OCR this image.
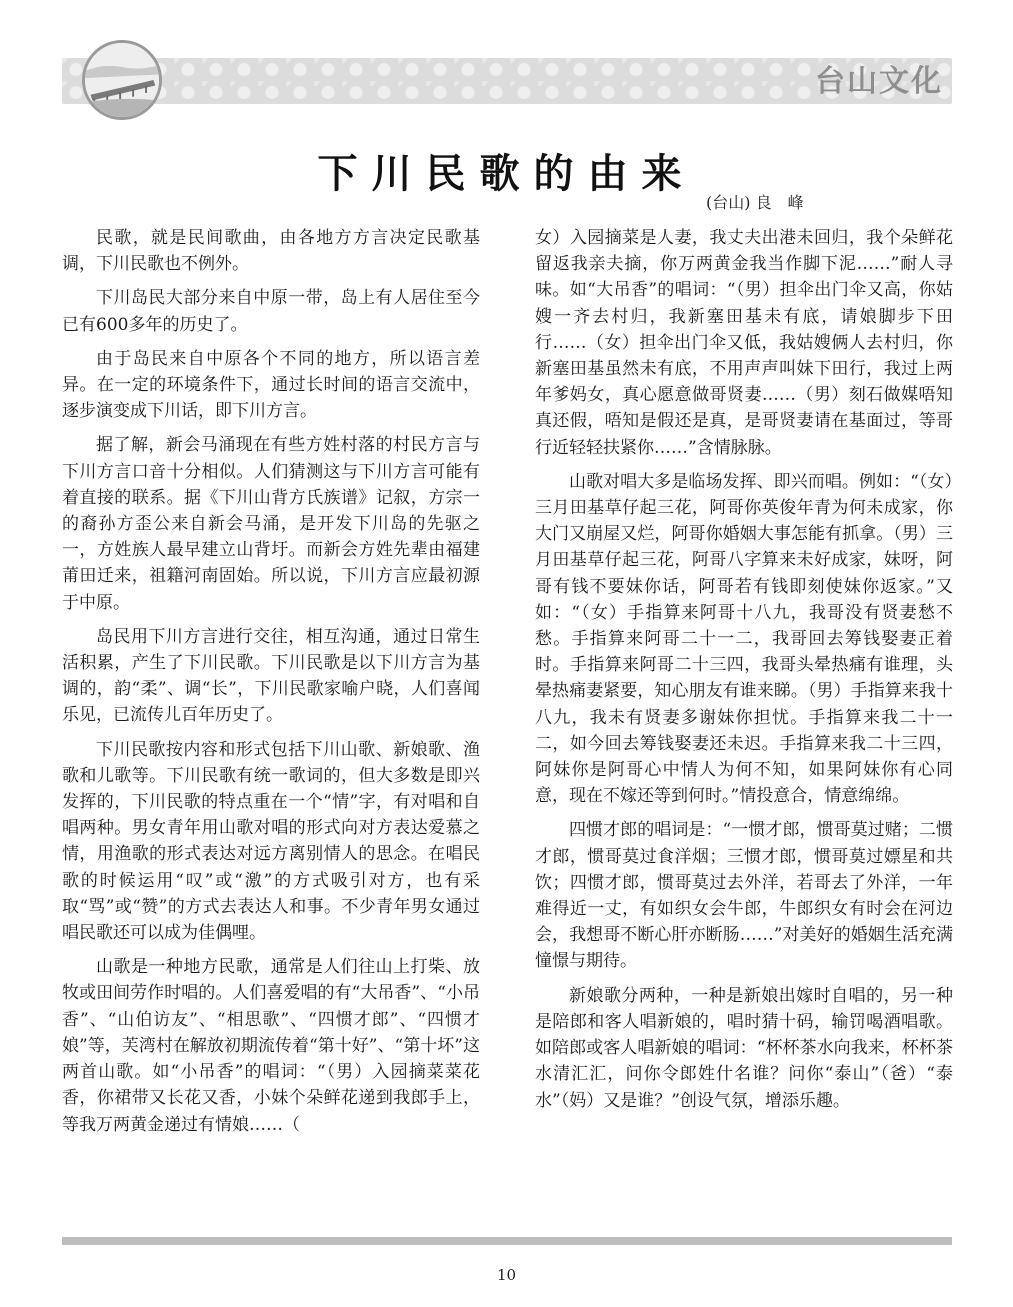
台山文化
下川民歌的由来
(台山) 良　峰

民歌，就是民间歌曲，由各地方方言决定民歌基调，下川民歌也不例外。

下川岛民大部分来自中原一带，岛上有人居住至今已有600多年的历史了。

由于岛民来自中原各个不同的地方，所以语言差异。在一定的环境条件下，通过长时间的语言交流中，逐步演变成下川话，即下川方言。

据了解，新会马涌现在有些方姓村落的村民方言与下川方言口音十分相似。人们猜测这与下川方言可能有着直接的联系。据《下川山背方氏族谱》记叙，方宗一的裔孙方歪公来自新会马涌，是开发下川岛的先驱之一，方姓族人最早建立山背圩。而新会方姓先辈由福建莆田迁来，祖籍河南固始。所以说，下川方言应最初源于中原。

岛民用下川方言进行交往，相互沟通，通过日常生活积累，产生了下川民歌。下川民歌是以下川方言为基调的，韵“柔”、调“长”，下川民歌家喻户晓，人们喜闻乐见，已流传儿百年历史了。

下川民歌按内容和形式包括下川山歌、新娘歌、渔歌和儿歌等。下川民歌有统一歌词的，但大多数是即兴发挥的，下川民歌的特点重在一个“情”字，有对唱和自唱两种。男女青年用山歌对唱的形式向对方表达爱慕之情，用渔歌的形式表达对远方离别情人的思念。在唱民歌的时候运用“叹”或“激”的方式吸引对方，也有采取“骂”或“赞”的方式去表达人和事。不少青年男女通过唱民歌还可以成为佳偶哩。

山歌是一种地方民歌，通常是人们往山上打柴、放牧或田间劳作时唱的。人们喜爱唱的有“大吊香”、“小吊香”、“山伯访友”、“相思歌”、“四惯才郎”、“四惯才娘”等，芙湾村在解放初期流传着“第十好”、“第十坏”这两首山歌。如“小吊香”的唱词：“（男）入园摘菜菜花香，你裙带又长花又香，小妹个朵鲜花递到我郎手上，等我万两黄金递过有情娘……（

女）入园摘菜是人妻，我丈夫出港未回归，我个朵鲜花留返我亲夫摘，你万两黄金我当作脚下泥……”耐人寻味。如“大吊香”的唱词：“（男）担伞出门伞又高，你姑嫂一齐去村归，我新塞田基未有底，请娘脚步下田行……（女）担伞出门伞又低，我姑嫂俩人去村归，你新塞田基虽然未有底，不用声声叫妹下田行，我过上两年爹妈女，真心愿意做哥贤妻……（男）刻石做媒唔知真还假，唔知是假还是真，是哥贤妻请在基面过，等哥行近轻轻扶紧你……”含情脉脉。

山歌对唱大多是临场发挥、即兴而唱。例如：“（女）三月田基草仔起三花，阿哥你英俊年青为何未成家，你大门又崩屋又烂，阿哥你婚姻大事怎能有抓拿。（男）三月田基草仔起三花，阿哥八字算来未好成家，妹呀，阿哥有钱不要妹你话，阿哥若有钱即刻使妹你返家。”又如：“（女）手指算来阿哥十八九，我哥没有贤妻愁不愁。手指算来阿哥二十一二，我哥回去筹钱娶妻正着时。手指算来阿哥二十三四，我哥头晕热痛有谁理，头晕热痛妻紧要，知心朋友有谁来睇。（男）手指算来我十八九，我未有贤妻多谢妹你担忧。手指算来我二十一二，如今回去筹钱娶妻还未迟。手指算来我二十三四，阿妹你是阿哥心中情人为何不知，如果阿妹你有心同意，现在不嫁还等到何时。”情投意合，情意绵绵。

四惯才郎的唱词是：“一惯才郎，惯哥莫过赌；二惯才郎，惯哥莫过食洋烟；三惯才郎，惯哥莫过嫖星和共饮；四惯才郎，惯哥莫过去外洋，若哥去了外洋，一年难得近一丈，有如织女会牛郎，牛郎织女有时会在河边会，我想哥不断心肝亦断肠……”对美好的婚姻生活充满憧憬与期待。

新娘歌分两种，一种是新娘出嫁时自唱的，另一种是陪郎和客人唱新娘的，唱时猜十码，输罚喝酒唱歌。如陪郎或客人唱新娘的唱词：“杯杯茶水向我来，杯杯茶水清汇汇，问你令郎姓什名谁？问你“泰山”（爸）“泰水”（妈）又是谁？”创设气氛，增添乐趣。

10
